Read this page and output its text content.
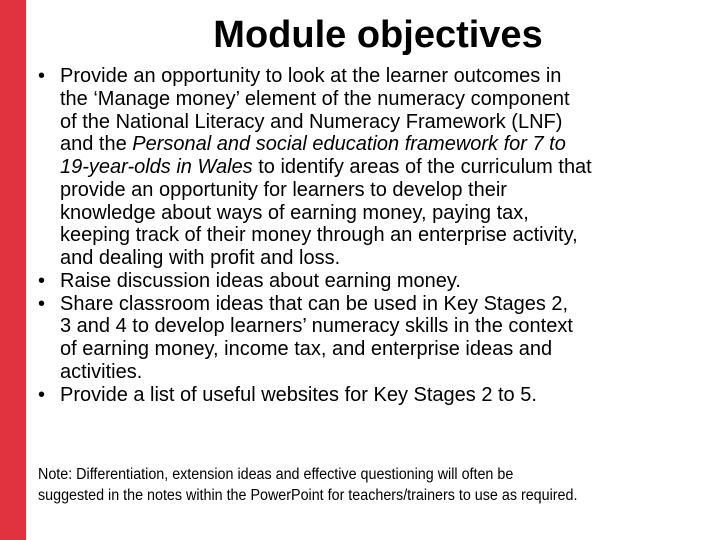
Module objectives
• Provide an opportunity to look at the learner outcomes in
the ‘Manage money’ element of the numeracy component
of the National Literacy and Numeracy Framework (LNF)
and the Personal and social education framework for 7 to
19-year-olds in Wales to identify areas of the curriculum that
provide an opportunity for learners to develop their
knowledge about ways of earning money, paying tax,
keeping track of their money through an enterprise activity,
and dealing with profit and loss.
• Raise discussion ideas about earning money.
• Share classroom ideas that can be used in Key Stages 2,
3 and 4 to develop learners’ numeracy skills in the context
of earning money, income tax, and enterprise ideas and
activities.
• Provide a list of useful websites for Key Stages 2 to 5.
Note: Differentiation, extension ideas and effective questioning will often be
suggested in the notes within the PowerPoint for teachers/trainers to use as required.
